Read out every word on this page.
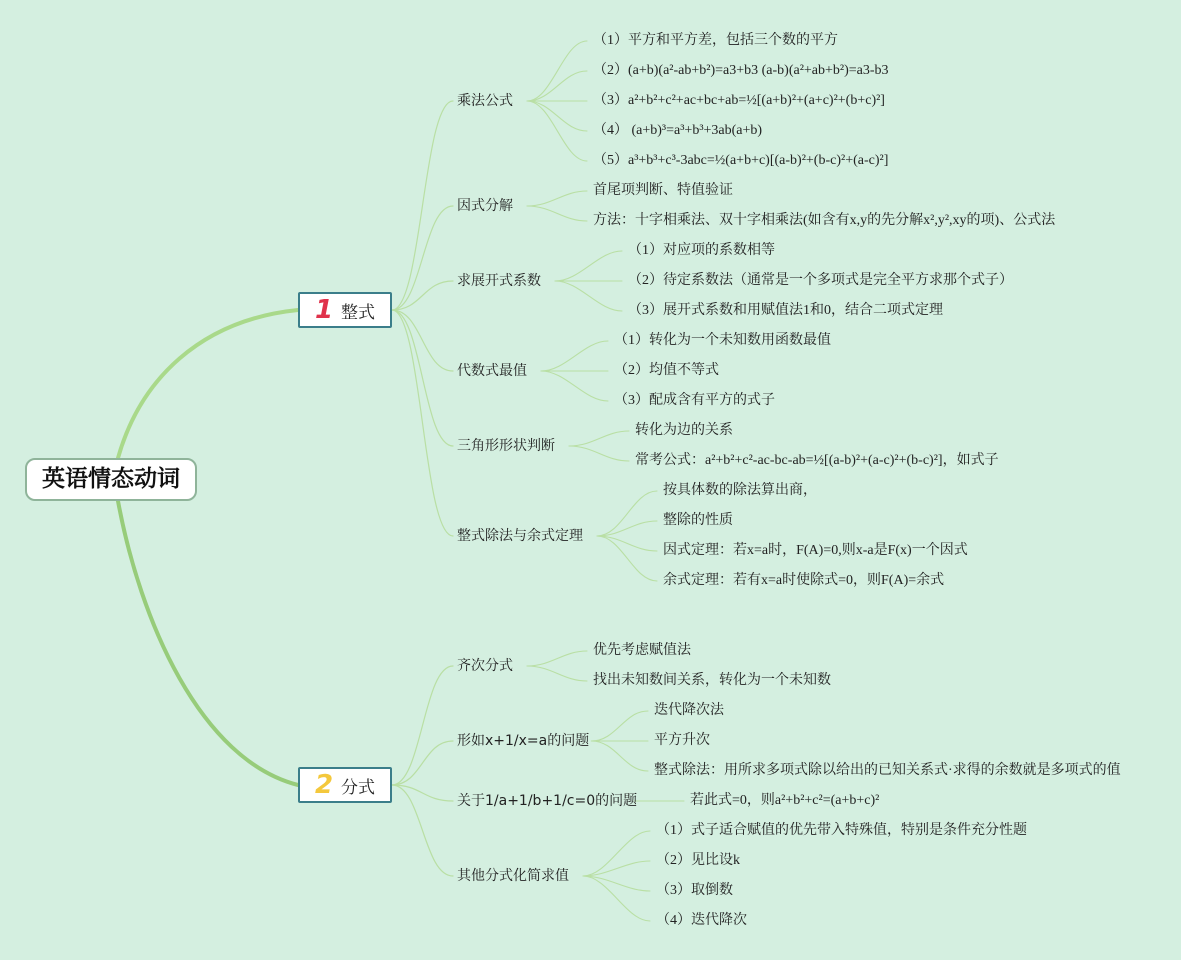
英语情态动词
1 整式
2 分式
乘法公式
（1）平方和平方差，包括三个数的平方
（2）(a+b)(a²-ab+b²)=a3+b3 (a-b)(a²+ab+b²)=a3-b3
（3）a²+b²+c²+ac+bc+ab=½[(a+b)²+(a+c)²+(b+c)²]
（4） (a+b)³=a³+b³+3ab(a+b)
（5）a³+b³+c³-3abc=½(a+b+c)[(a-b)²+(b-c)²+(a-c)²]
因式分解
首尾项判断、特值验证
方法：十字相乘法、双十字相乘法(如含有x,y的先分解x²,y²,xy的项)、公式法
求展开式系数
（1）对应项的系数相等
（2）待定系数法（通常是一个多项式是完全平方求那个式子）
（3）展开式系数和用赋值法1和0，结合二项式定理
代数式最值
（1）转化为一个未知数用函数最值
（2）均值不等式
（3）配成含有平方的式子
三角形形状判断
转化为边的关系
常考公式：a²+b²+c²-ac-bc-ab=½[(a-b)²+(a-c)²+(b-c)²]，如式子
整式除法与余式定理
按具体数的除法算出商，
整除的性质
因式定理：若x=a时，F(A)=0,则x-a是F(x)一个因式
余式定理：若有x=a时使除式=0，则F(A)=余式
齐次分式
优先考虑赋值法
找出未知数间关系，转化为一个未知数
形如x+1/x=a的问题
迭代降次法
平方升次
整式除法：用所求多项式除以给出的已知关系式·求得的余数就是多项式的值
关于1/a+1/b+1/c=0的问题	若此式=0，则a²+b²+c²=(a+b+c)²
其他分式化简求值
（1）式子适合赋值的优先带入特殊值，特别是条件充分性题
（2）见比设k
（3）取倒数
（4）迭代降次
